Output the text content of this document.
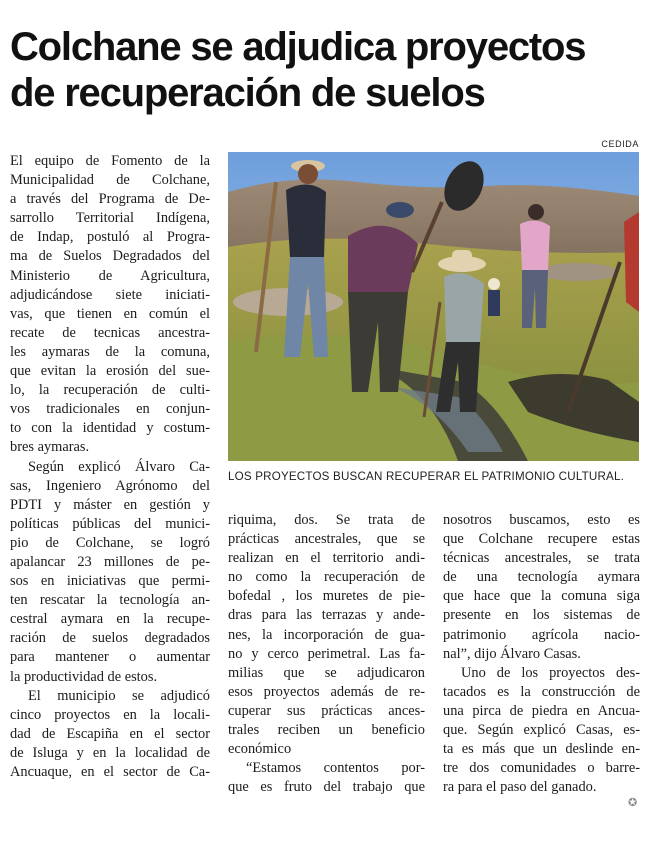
Colchane se adjudica proyectos
de recuperación de suelos
CEDIDA
LOS PROYECTOS BUSCAN RECUPERAR EL PATRIMONIO CULTURAL.
El equipo de Fomento de la
Municipalidad de Colchane,
a través del Programa de De-
sarrollo Territorial Indígena,
de Indap, postuló al Progra-
ma de Suelos Degradados del
Ministerio de Agricultura,
adjudicándose siete iniciati-
vas, que tienen en común el
recate de tecnicas ancestra-
les aymaras de la comuna,
que evitan la erosión del sue-
lo, la recuperación de culti-
vos tradicionales en conjun-
to con la identidad y costum-
bres aymaras.
Según explicó Álvaro Ca-
sas, Ingeniero Agrónomo del
PDTI y máster en gestión y
políticas públicas del munici-
pio de Colchane, se logró
apalancar 23 millones de pe-
sos en iniciativas que permi-
ten rescatar la tecnología an-
cestral aymara en la recupe-
ración de suelos degradados
para mantener o aumentar
la productividad de estos.
El municipio se adjudicó
cinco proyectos en la locali-
dad de Escapiña en el sector
de Isluga y en la localidad de
Ancuaque, en el sector de Ca-
riquima, dos. Se trata de
prácticas ancestrales, que se
realizan en el territorio andi-
no como la recuperación de
bofedal , los muretes de pie-
dras para las terrazas y ande-
nes, la incorporación de gua-
no y cerco perimetral. Las fa-
milias que se adjudicaron
esos proyectos además de re-
cuperar sus prácticas ances-
trales reciben un beneficio
económico
“Estamos contentos por-
que es fruto del trabajo que
nosotros buscamos, esto es
que Colchane recupere estas
técnicas ancestrales, se trata
de una tecnología aymara
que hace que la comuna siga
presente en los sistemas de
patrimonio agrícola nacio-
nal”, dijo Álvaro Casas.
Uno de los proyectos des-
tacados es la construcción de
una pirca de piedra en Ancua-
que. Según explicó Casas, es-
ta es más que un deslinde en-
tre dos comunidades o barre-
ra para el paso del ganado.
✪
